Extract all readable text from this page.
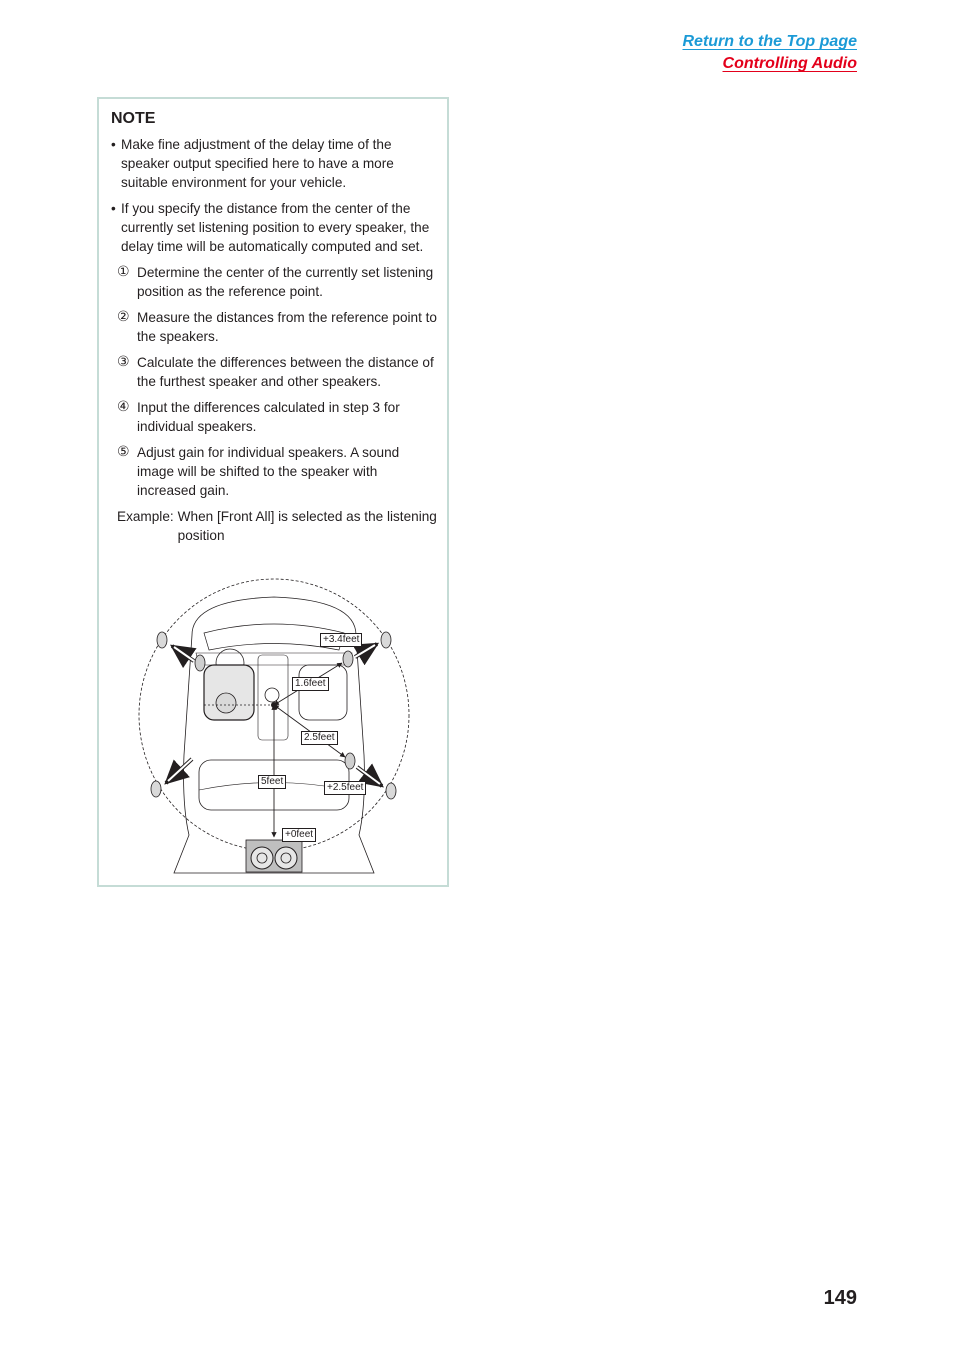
Return to the Top page
Controlling Audio
NOTE
• Make fine adjustment of the delay time of the speaker output specified here to have a more suitable environment for your vehicle.
• If you specify the distance from the center of the currently set listening position to every speaker, the delay time will be automatically computed and set.
① Determine the center of the currently set listening position as the reference point.
② Measure the distances from the reference point to the speakers.
③ Calculate the differences between the distance of the furthest speaker and other speakers.
④ Input the differences calculated in step 3 for individual speakers.
⑤ Adjust gain for individual speakers. A sound image will be shifted to the speaker with increased gain.
Example: When [Front All] is selected as the listening position
+3.4feet
1.6feet
2.5feet
5feet
+2.5feet
+0feet
149
